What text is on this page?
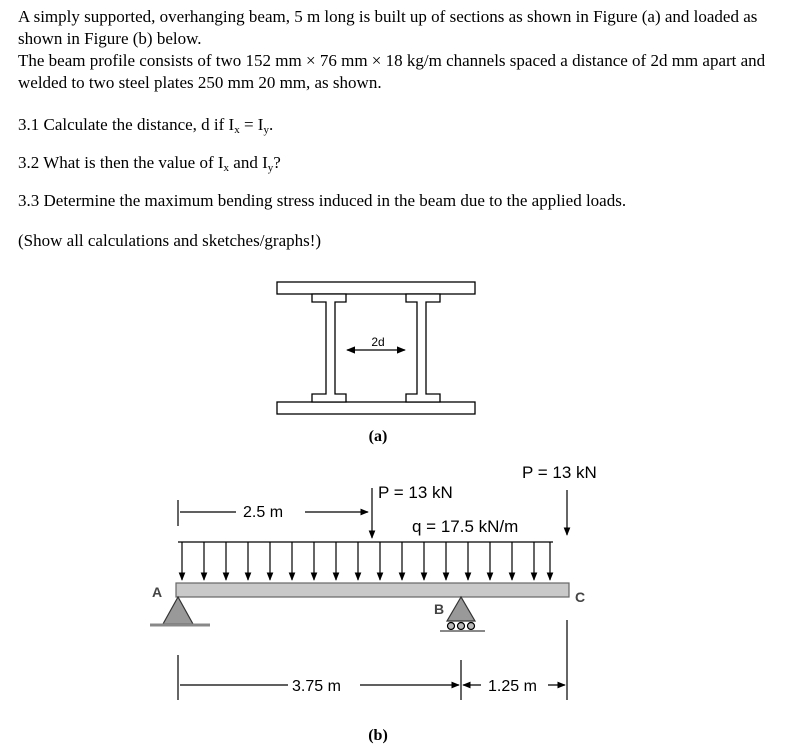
A simply supported, overhanging beam, 5 m long is built up of sections as shown in Figure (a) and loaded as shown in Figure (b) below.

The beam profile consists of two 152 mm × 76 mm × 18 kg/m channels spaced a distance of 2d mm apart and welded to two steel plates 250 mm 20 mm, as shown.

3.1 Calculate the distance, d if $I_x = I_y$.
3.2 What is then the value of $I_x$ and $I_y$?
3.3 Determine the maximum bending stress induced in the beam due to the applied loads.
(Show all calculations and sketches/graphs!)
2d
(a)
P = 13 kN
P = 13 kN
q = 17.5 kN/m
2.5 m
3.75 m	1.25 m
A
B
C
(b)
